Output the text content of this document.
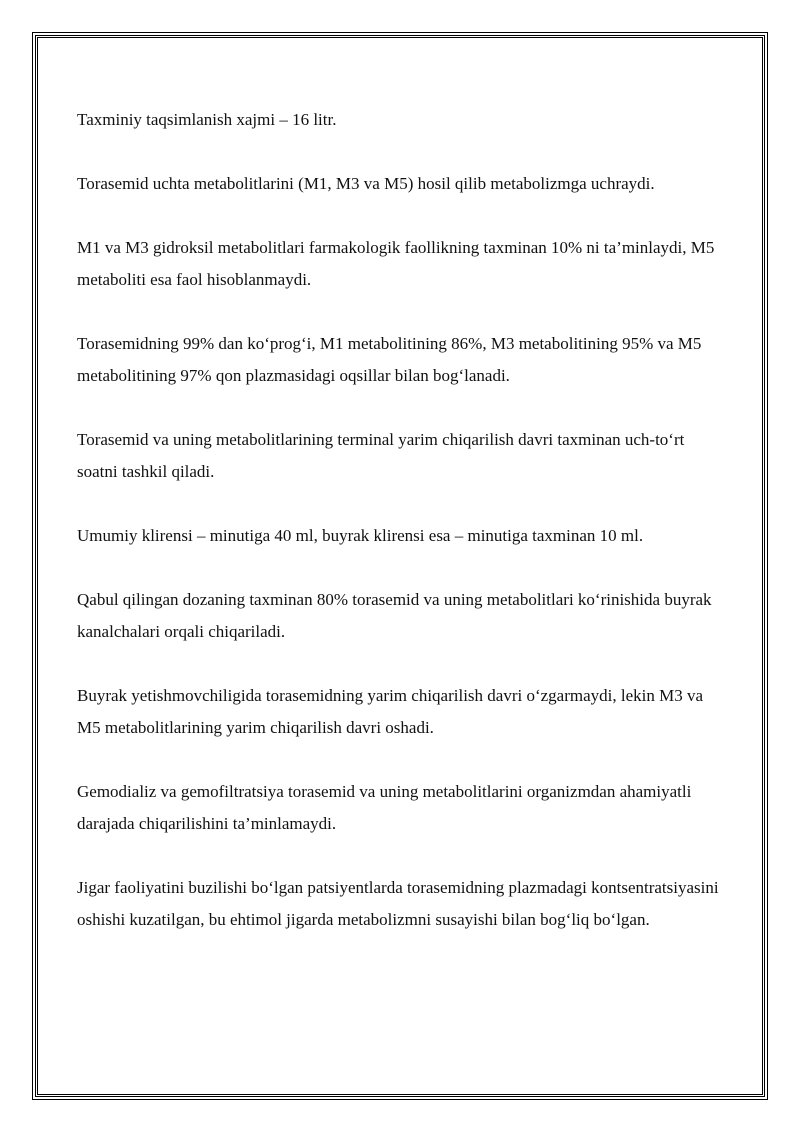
Taxminiy taqsimlanish xajmi – 16 litr.

Torasemid uchta metabolitlarini (M1, M3 va M5) hosil qilib metabolizmga uchraydi.

M1 va M3 gidroksil metabolitlari farmakologik faollikning taxminan 10% ni ta’minlaydi, M5 metaboliti esa faol hisoblanmaydi.

Torasemidning 99% dan ko‘prog‘i, M1 metabolitining 86%, M3 metabolitining 95% va M5 metabolitining 97% qon plazmasidagi oqsillar bilan bog‘lanadi.

Torasemid va uning metabolitlarining terminal yarim chiqarilish davri taxminan uch-to‘rt soatni tashkil qiladi.

Umumiy klirensi – minutiga 40 ml, buyrak klirensi esa – minutiga taxminan 10 ml.

Qabul qilingan dozaning taxminan 80% torasemid va uning metabolitlari ko‘rinishida buyrak kanalchalari orqali chiqariladi.

Buyrak yetishmovchiligida torasemidning yarim chiqarilish davri o‘zgarmaydi, lekin M3 va M5 metabolitlarining yarim chiqarilish davri oshadi.

Gemodializ va gemofiltratsiya torasemid va uning metabolitlarini organizmdan ahamiyatli darajada chiqarilishini ta’minlamaydi.

Jigar faoliyatini buzilishi bo‘lgan patsiyentlarda torasemidning plazmadagi kontsentratsiyasini oshishi kuzatilgan, bu ehtimol jigarda metabolizmni susayishi bilan bog‘liq bo‘lgan.
